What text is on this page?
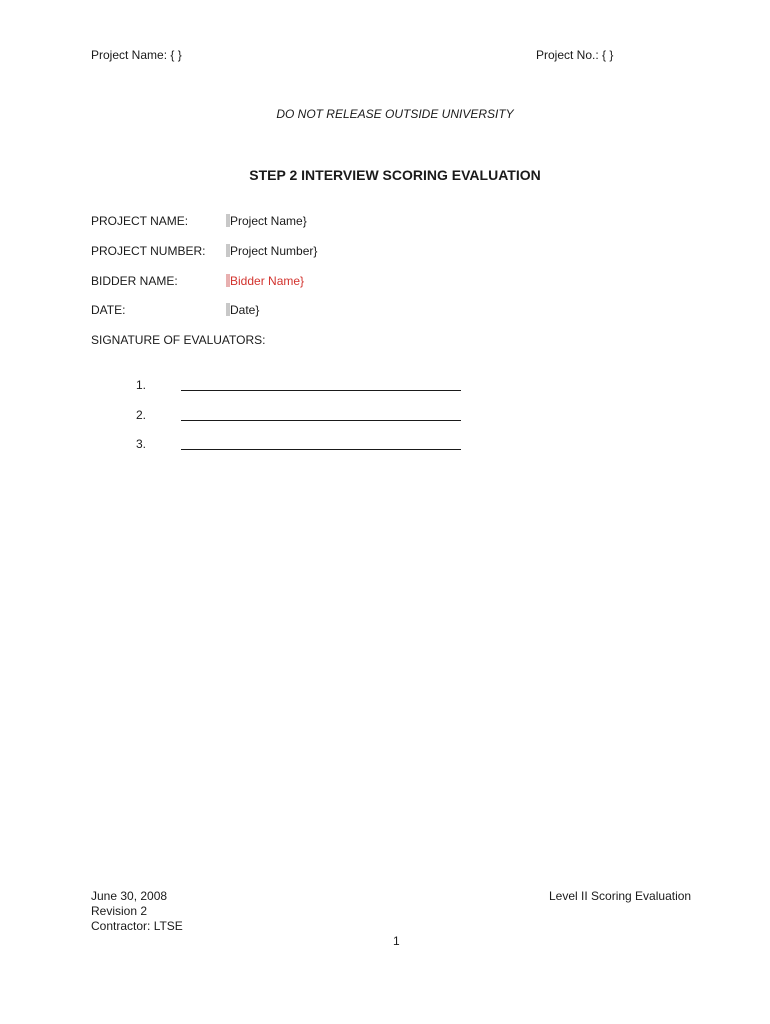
Project Name: { }	Project No.: { }
DO NOT RELEASE OUTSIDE UNIVERSITY
STEP 2 INTERVIEW SCORING EVALUATION
PROJECT NAME:	Project Name}
PROJECT NUMBER:	Project Number}
BIDDER NAME:	Bidder Name}
DATE:	Date}
SIGNATURE OF EVALUATORS:
1.
2.
3.
June 30, 2008
Revision 2
Contractor: LTSE
Level II Scoring Evaluation
1
